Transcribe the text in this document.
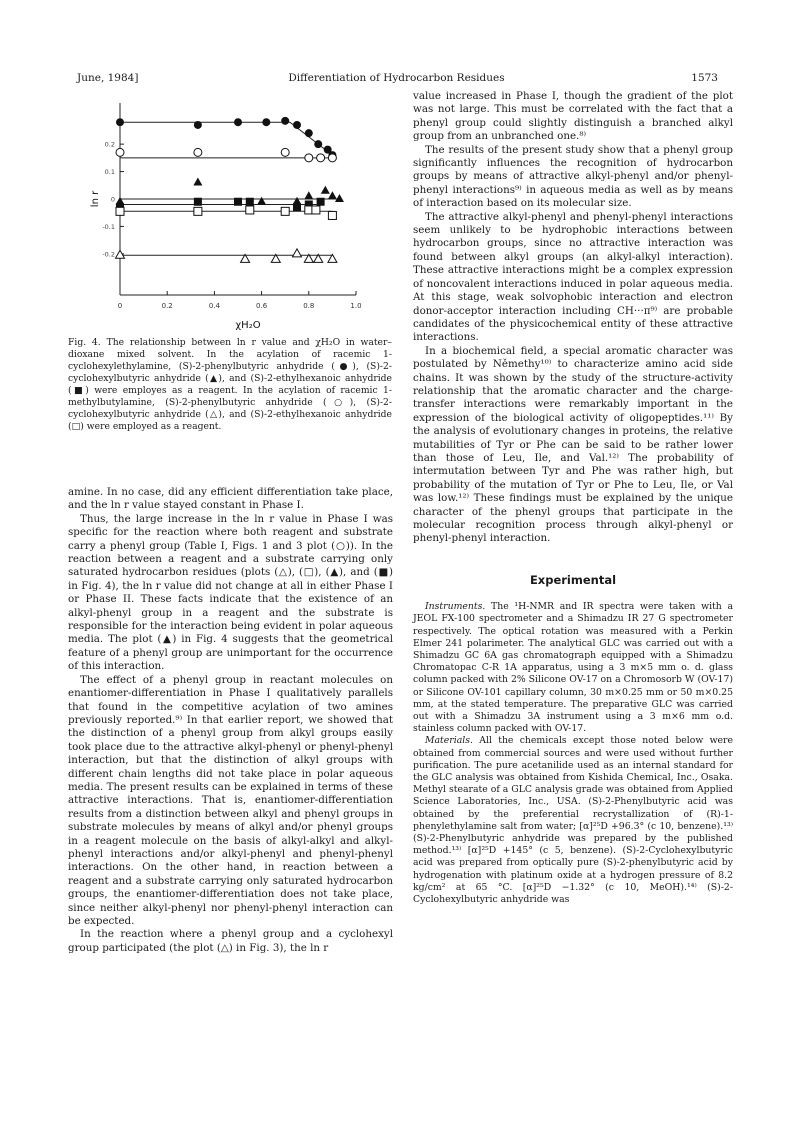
June, 1984]	Differentiation of Hydrocarbon Residues	1573
0	0.2	0.4	0.6	0.8	1.0
0.2
0.1
0
-0.1
-0.2
ln r
χH₂O
Fig. 4. The relationship between ln r value and χH₂O in water–dioxane mixed solvent. In the acylation of racemic 1-cyclohexylethylamine, (S)-2-phenylbutyric anhydride (●), (S)-2-cyclohexylbutyric anhydride (▲), and (S)-2-ethylhexanoic anhydride (■) were employes as a reagent. In the acylation of racemic 1-methylbutylamine, (S)-2-phenylbutyric anhydride (○), (S)-2-cyclohexylbutyric anhydride (△), and (S)-2-ethylhexanoic anhydride (□) were employed as a reagent.

amine. In no case, did any efficient differentiation take place, and the ln r value stayed constant in Phase I.

Thus, the large increase in the ln r value in Phase I was specific for the reaction where both reagent and substrate carry a phenyl group (Table I, Figs. 1 and 3 plot (○)). In the reaction between a reagent and a substrate carrying only saturated hydrocarbon residues (plots (△), (□), (▲), and (■) in Fig. 4), the ln r value did not change at all in either Phase I or Phase II. These facts indicate that the existence of an alkyl-phenyl group in a reagent and the substrate is responsible for the interaction being evident in polar aqueous media. The plot (▲) in Fig. 4 suggests that the geometrical feature of a phenyl group are unimportant for the occurrence of this interaction.

The effect of a phenyl group in reactant molecules on enantiomer-differentiation in Phase I qualitatively parallels that found in the competitive acylation of two amines previously reported.⁹⁾ In that earlier report, we showed that the distinction of a phenyl group from alkyl groups easily took place due to the attractive alkyl-phenyl or phenyl-phenyl interaction, but that the distinction of alkyl groups with different chain lengths did not take place in polar aqueous media. The present results can be explained in terms of these attractive interactions. That is, enantiomer-differentiation results from a distinction between alkyl and phenyl groups in substrate molecules by means of alkyl and/or phenyl groups in a reagent molecule on the basis of alkyl-alkyl and alkyl-phenyl interactions and/or alkyl-phenyl and phenyl-phenyl interactions. On the other hand, in reaction between a reagent and a substrate carrying only saturated hydrocarbon groups, the enantiomer-differentiation does not take place, since neither alkyl-phenyl nor phenyl-phenyl interaction can be expected.

In the reaction where a phenyl group and a cyclohexyl group participated (the plot (△) in Fig. 3), the ln r

value increased in Phase I, though the gradient of the plot was not large. This must be correlated with the fact that a phenyl group could slightly distinguish a branched alkyl group from an unbranched one.⁸⁾

The results of the present study show that a phenyl group significantly influences the recognition of hydrocarbon groups by means of attractive alkyl-phenyl and/or phenyl-phenyl interactions⁹⁾ in aqueous media as well as by means of interaction based on its molecular size.

The attractive alkyl-phenyl and phenyl-phenyl interactions seem unlikely to be hydrophobic interactions between hydrocarbon groups, since no attractive interaction was found between alkyl groups (an alkyl-alkyl interaction). These attractive interactions might be a complex expression of noncovalent interactions induced in polar aqueous media. At this stage, weak solvophobic interaction and electron donor-acceptor interaction including CH···π⁹⁾ are probable candidates of the physicochemical entity of these attractive interactions.

In a biochemical field, a special aromatic character was postulated by Němethy¹⁰⁾ to characterize amino acid side chains. It was shown by the study of the structure-activity relationship that the aromatic character and the charge-transfer interactions were remarkably important in the expression of the biological activity of oligopeptides.¹¹⁾ By the analysis of evolutionary changes in proteins, the relative mutabilities of Tyr or Phe can be said to be rather lower than those of Leu, Ile, and Val.¹²⁾ The probability of intermutation between Tyr and Phe was rather high, but probability of the mutation of Tyr or Phe to Leu, Ile, or Val was low.¹²⁾ These findings must be explained by the unique character of the phenyl groups that participate in the molecular recognition process through alkyl-phenyl or phenyl-phenyl interaction.

Experimental

Instruments. The ¹H-NMR and IR spectra were taken with a JEOL FX-100 spectrometer and a Shimadzu IR 27 G spectrometer respectively. The optical rotation was measured with a Perkin Elmer 241 polarimeter. The analytical GLC was carried out with a Shimadzu GC 6A gas chromatograph equipped with a Shimadzu Chromatopac C-R 1A apparatus, using a 3 m×5 mm o. d. glass column packed with 2% Silicone OV-17 on a Chromosorb W (OV-17) or Silicone OV-101 capillary column, 30 m×0.25 mm or 50 m×0.25 mm, at the stated temperature. The preparative GLC was carried out with a Shimadzu 3A instrument using a 3 m×6 mm o.d. stainless column packed with OV-17.

Materials. All the chemicals except those noted below were obtained from commercial sources and were used without further purification. The pure acetanilide used as an internal standard for the GLC analysis was obtained from Kishida Chemical, Inc., Osaka. Methyl stearate of a GLC analysis grade was obtained from Applied Science Laboratories, Inc., USA. (S)-2-Phenylbutyric acid was obtained by the preferential recrystallization of (R)-1-phenylethylamine salt from water; [α]²⁵D +96.3° (c 10, benzene).¹³⁾ (S)-2-Phenylbutyric anhydride was prepared by the published method.¹³⁾ [α]²⁵D +145° (c 5, benzene). (S)-2-Cyclohexylbutyric acid was prepared from optically pure (S)-2-phenylbutyric acid by hydrogenation with platinum oxide at a hydrogen pressure of 8.2 kg/cm² at 65 °C. [α]²⁵D −1.32° (c 10, MeOH).¹⁴⁾ (S)-2-Cyclohexylbutyric anhydride was
